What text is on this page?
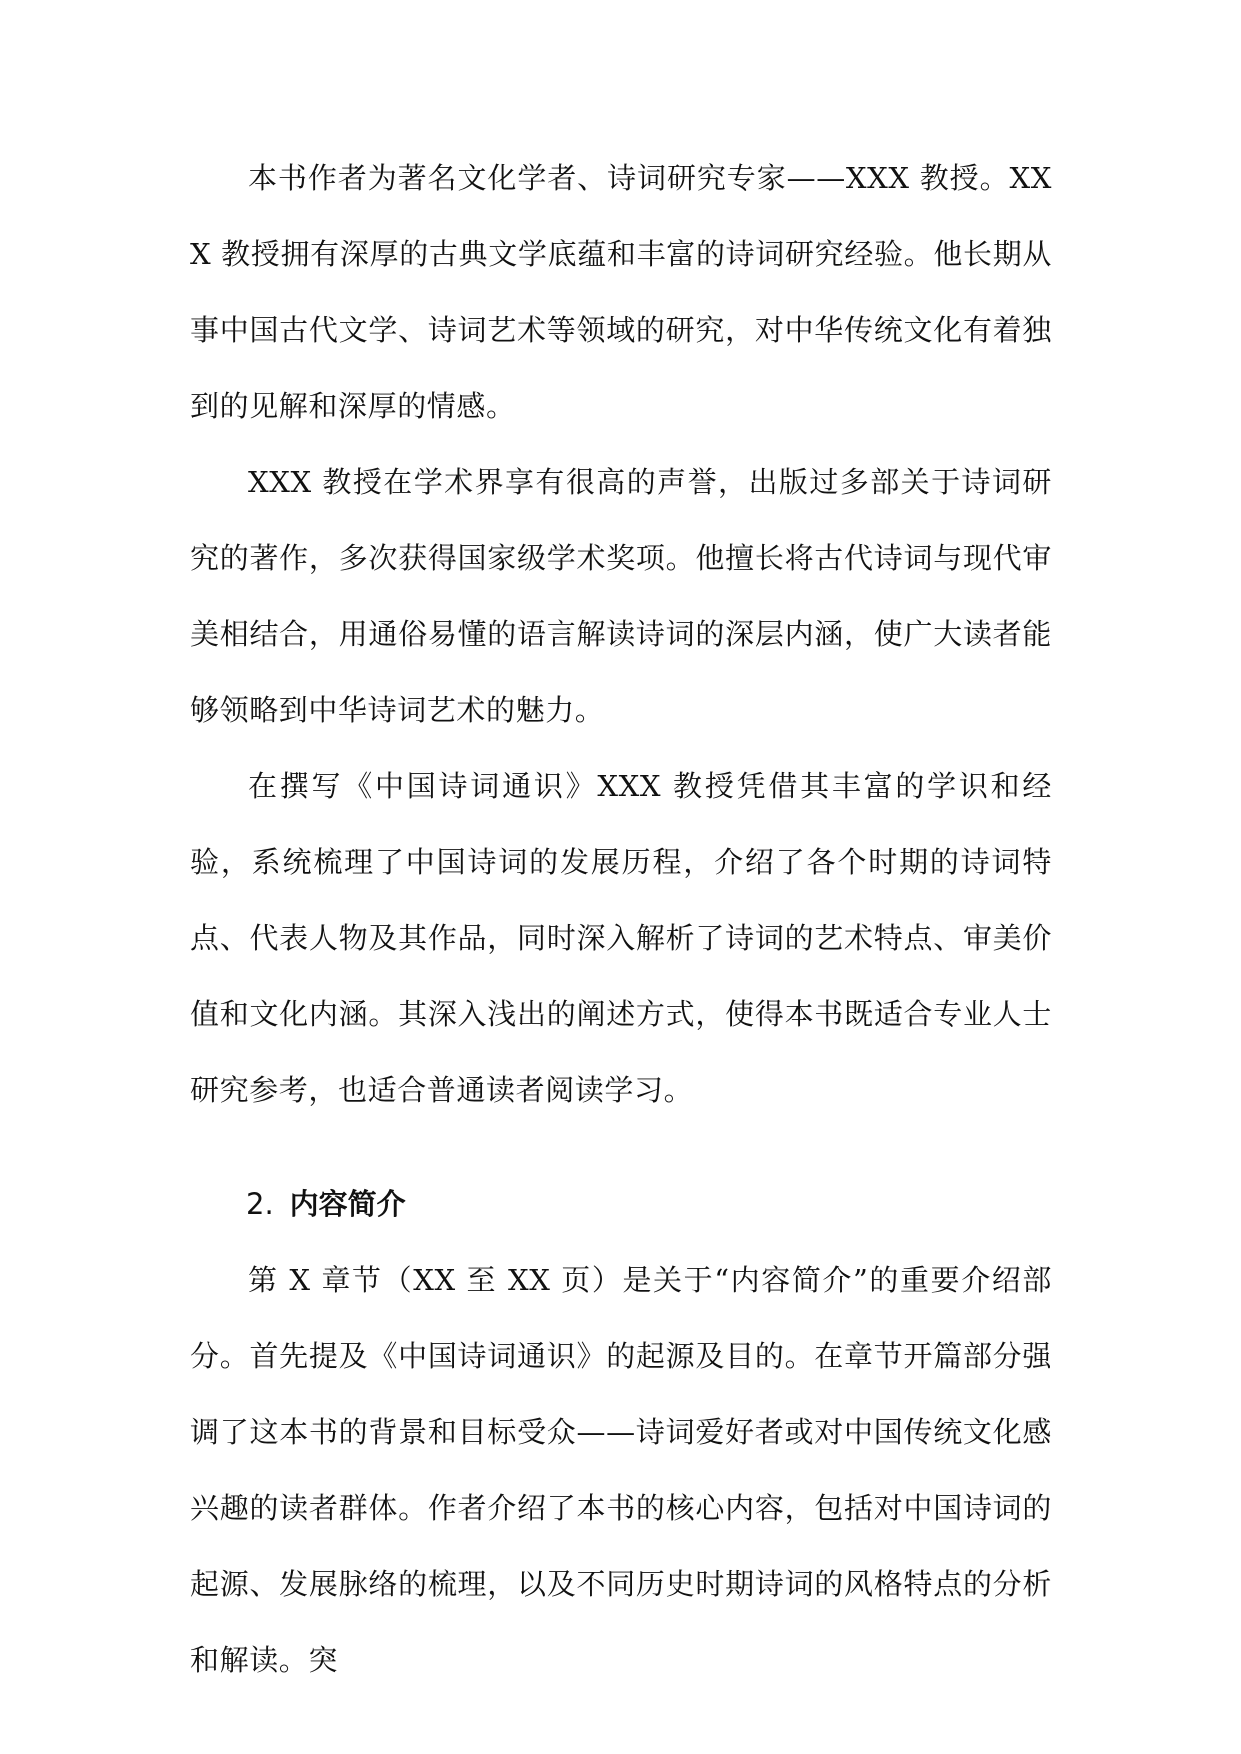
本书作者为著名文化学者、诗词研究专家——XXX 教授。XXX 教授拥有深厚的古典文学底蕴和丰富的诗词研究经验。他长期从事中国古代文学、诗词艺术等领域的研究，对中华传统文化有着独到的见解和深厚的情感。

XXX 教授在学术界享有很高的声誉，出版过多部关于诗词研究的著作，多次获得国家级学术奖项。他擅长将古代诗词与现代审美相结合，用通俗易懂的语言解读诗词的深层内涵，使广大读者能够领略到中华诗词艺术的魅力。

在撰写《中国诗词通识》XXX 教授凭借其丰富的学识和经验，系统梳理了中国诗词的发展历程，介绍了各个时期的诗词特点、代表人物及其作品，同时深入解析了诗词的艺术特点、审美价值和文化内涵。其深入浅出的阐述方式，使得本书既适合专业人士研究参考，也适合普通读者阅读学习。

2. 内容简介

第 X 章节（XX 至 XX 页）是关于“内容简介”的重要介绍部分。首先提及《中国诗词通识》的起源及目的。在章节开篇部分强调了这本书的背景和目标受众——诗词爱好者或对中国传统文化感兴趣的读者群体。作者介绍了本书的核心内容，包括对中国诗词的起源、发展脉络的梳理，以及不同历史时期诗词的风格特点的分析和解读。突
